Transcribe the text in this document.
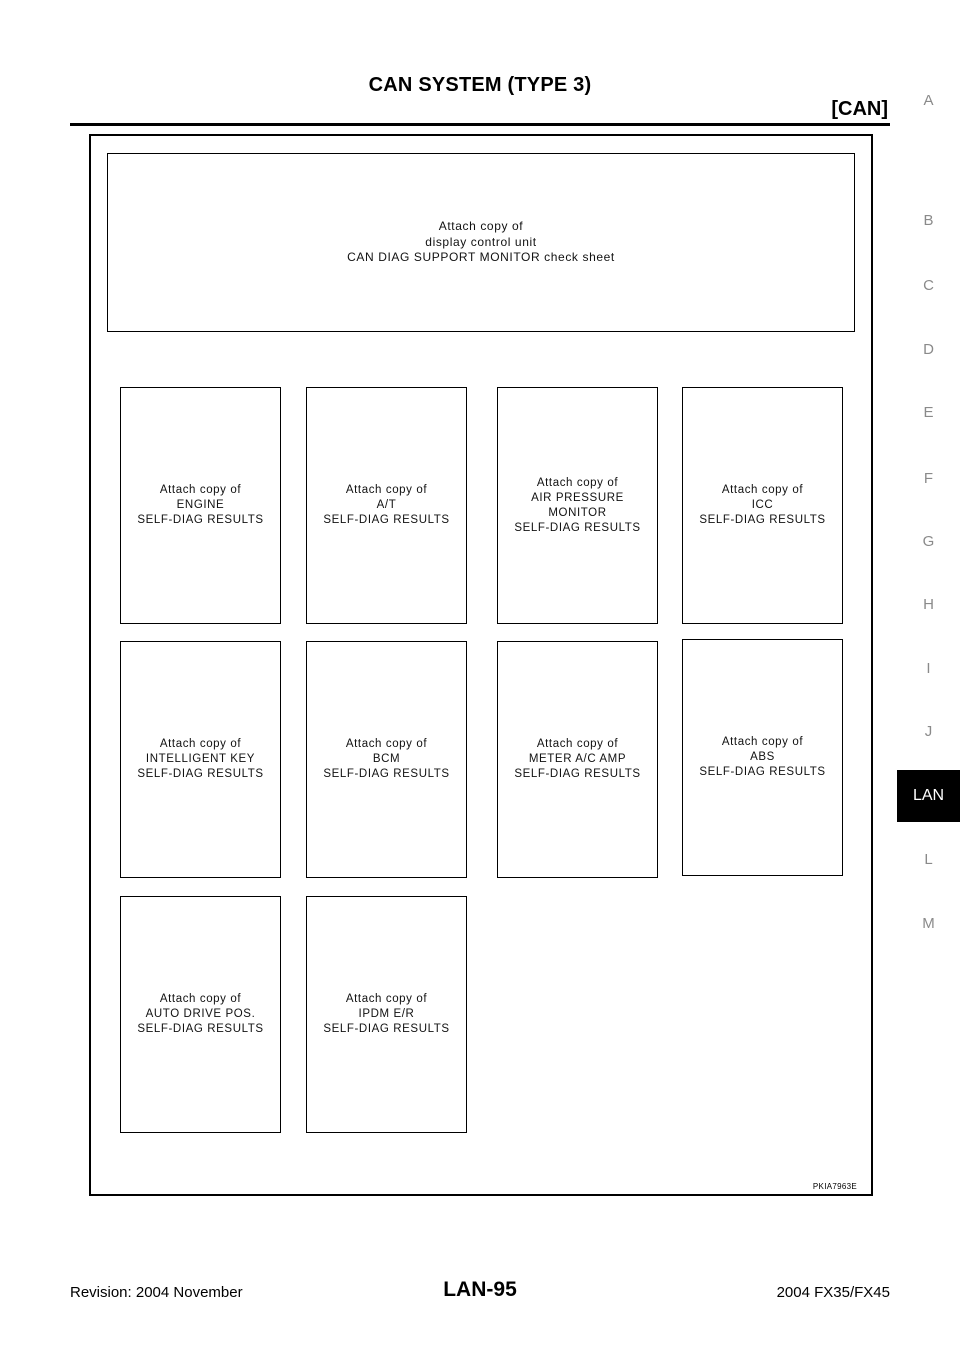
CAN SYSTEM (TYPE 3)
[CAN]	A
B
C
D
E
F
G
H
I
J
LAN
L
M
Attach copy of
display control unit
CAN DIAG SUPPORT MONITOR check sheet
Attach copy of
ENGINE
SELF-DIAG RESULTS
Attach copy of
A/T
SELF-DIAG RESULTS
Attach copy of
AIR PRESSURE
MONITOR
SELF-DIAG RESULTS
Attach copy of
ICC
SELF-DIAG RESULTS
Attach copy of
INTELLIGENT KEY
SELF-DIAG RESULTS
Attach copy of
BCM
SELF-DIAG RESULTS
Attach copy of
METER A/C AMP
SELF-DIAG RESULTS
Attach copy of
ABS
SELF-DIAG RESULTS
Attach copy of
AUTO DRIVE POS.
SELF-DIAG RESULTS
Attach copy of
IPDM E/R
SELF-DIAG RESULTS
PKIA7963E
Revision: 2004 November	LAN-95	2004 FX35/FX45
